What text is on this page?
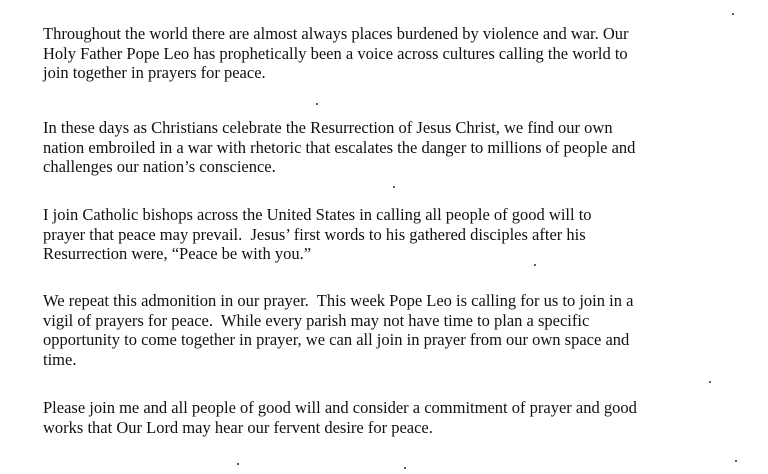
Throughout the world there are almost always places burdened by violence and war. Our
Holy Father Pope Leo has prophetically been a voice across cultures calling the world to
join together in prayers for peace.
In these days as Christians celebrate the Resurrection of Jesus Christ, we find our own
nation embroiled in a war with rhetoric that escalates the danger to millions of people and
challenges our nation’s conscience.
I join Catholic bishops across the United States in calling all people of good will to
prayer that peace may prevail.  Jesus’ first words to his gathered disciples after his
Resurrection were, “Peace be with you.”
We repeat this admonition in our prayer.  This week Pope Leo is calling for us to join in a
vigil of prayers for peace.  While every parish may not have time to plan a specific
opportunity to come together in prayer, we can all join in prayer from our own space and
time.
Please join me and all people of good will and consider a commitment of prayer and good
works that Our Lord may hear our fervent desire for peace.
